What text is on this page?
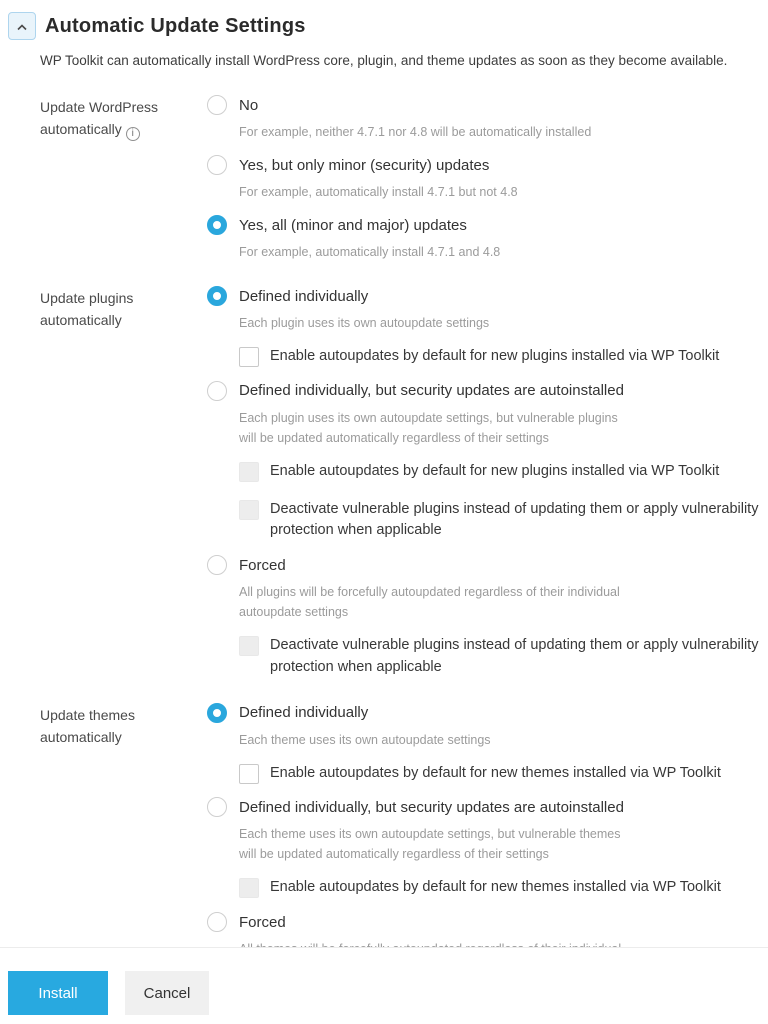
Automatic Update Settings
WP Toolkit can automatically install WordPress core, plugin, and theme updates as soon as they become available.
Update WordPress automatically i
No
For example, neither 4.7.1 nor 4.8 will be automatically installed
Yes, but only minor (security) updates
For example, automatically install 4.7.1 but not 4.8
Yes, all (minor and major) updates
For example, automatically install 4.7.1 and 4.8
Update plugins automatically
Defined individually
Each plugin uses its own autoupdate settings
Enable autoupdates by default for new plugins installed via WP Toolkit
Defined individually, but security updates are autoinstalled
Each plugin uses its own autoupdate settings, but vulnerable plugins
will be updated automatically regardless of their settings
Enable autoupdates by default for new plugins installed via WP Toolkit
Deactivate vulnerable plugins instead of updating them or apply vulnerability protection when applicable
Forced
All plugins will be forcefully autoupdated regardless of their individual
autoupdate settings
Deactivate vulnerable plugins instead of updating them or apply vulnerability protection when applicable
Update themes automatically
Defined individually
Each theme uses its own autoupdate settings
Enable autoupdates by default for new themes installed via WP Toolkit
Defined individually, but security updates are autoinstalled
Each theme uses its own autoupdate settings, but vulnerable themes
will be updated automatically regardless of their settings
Enable autoupdates by default for new themes installed via WP Toolkit
Forced
Install	Cancel
